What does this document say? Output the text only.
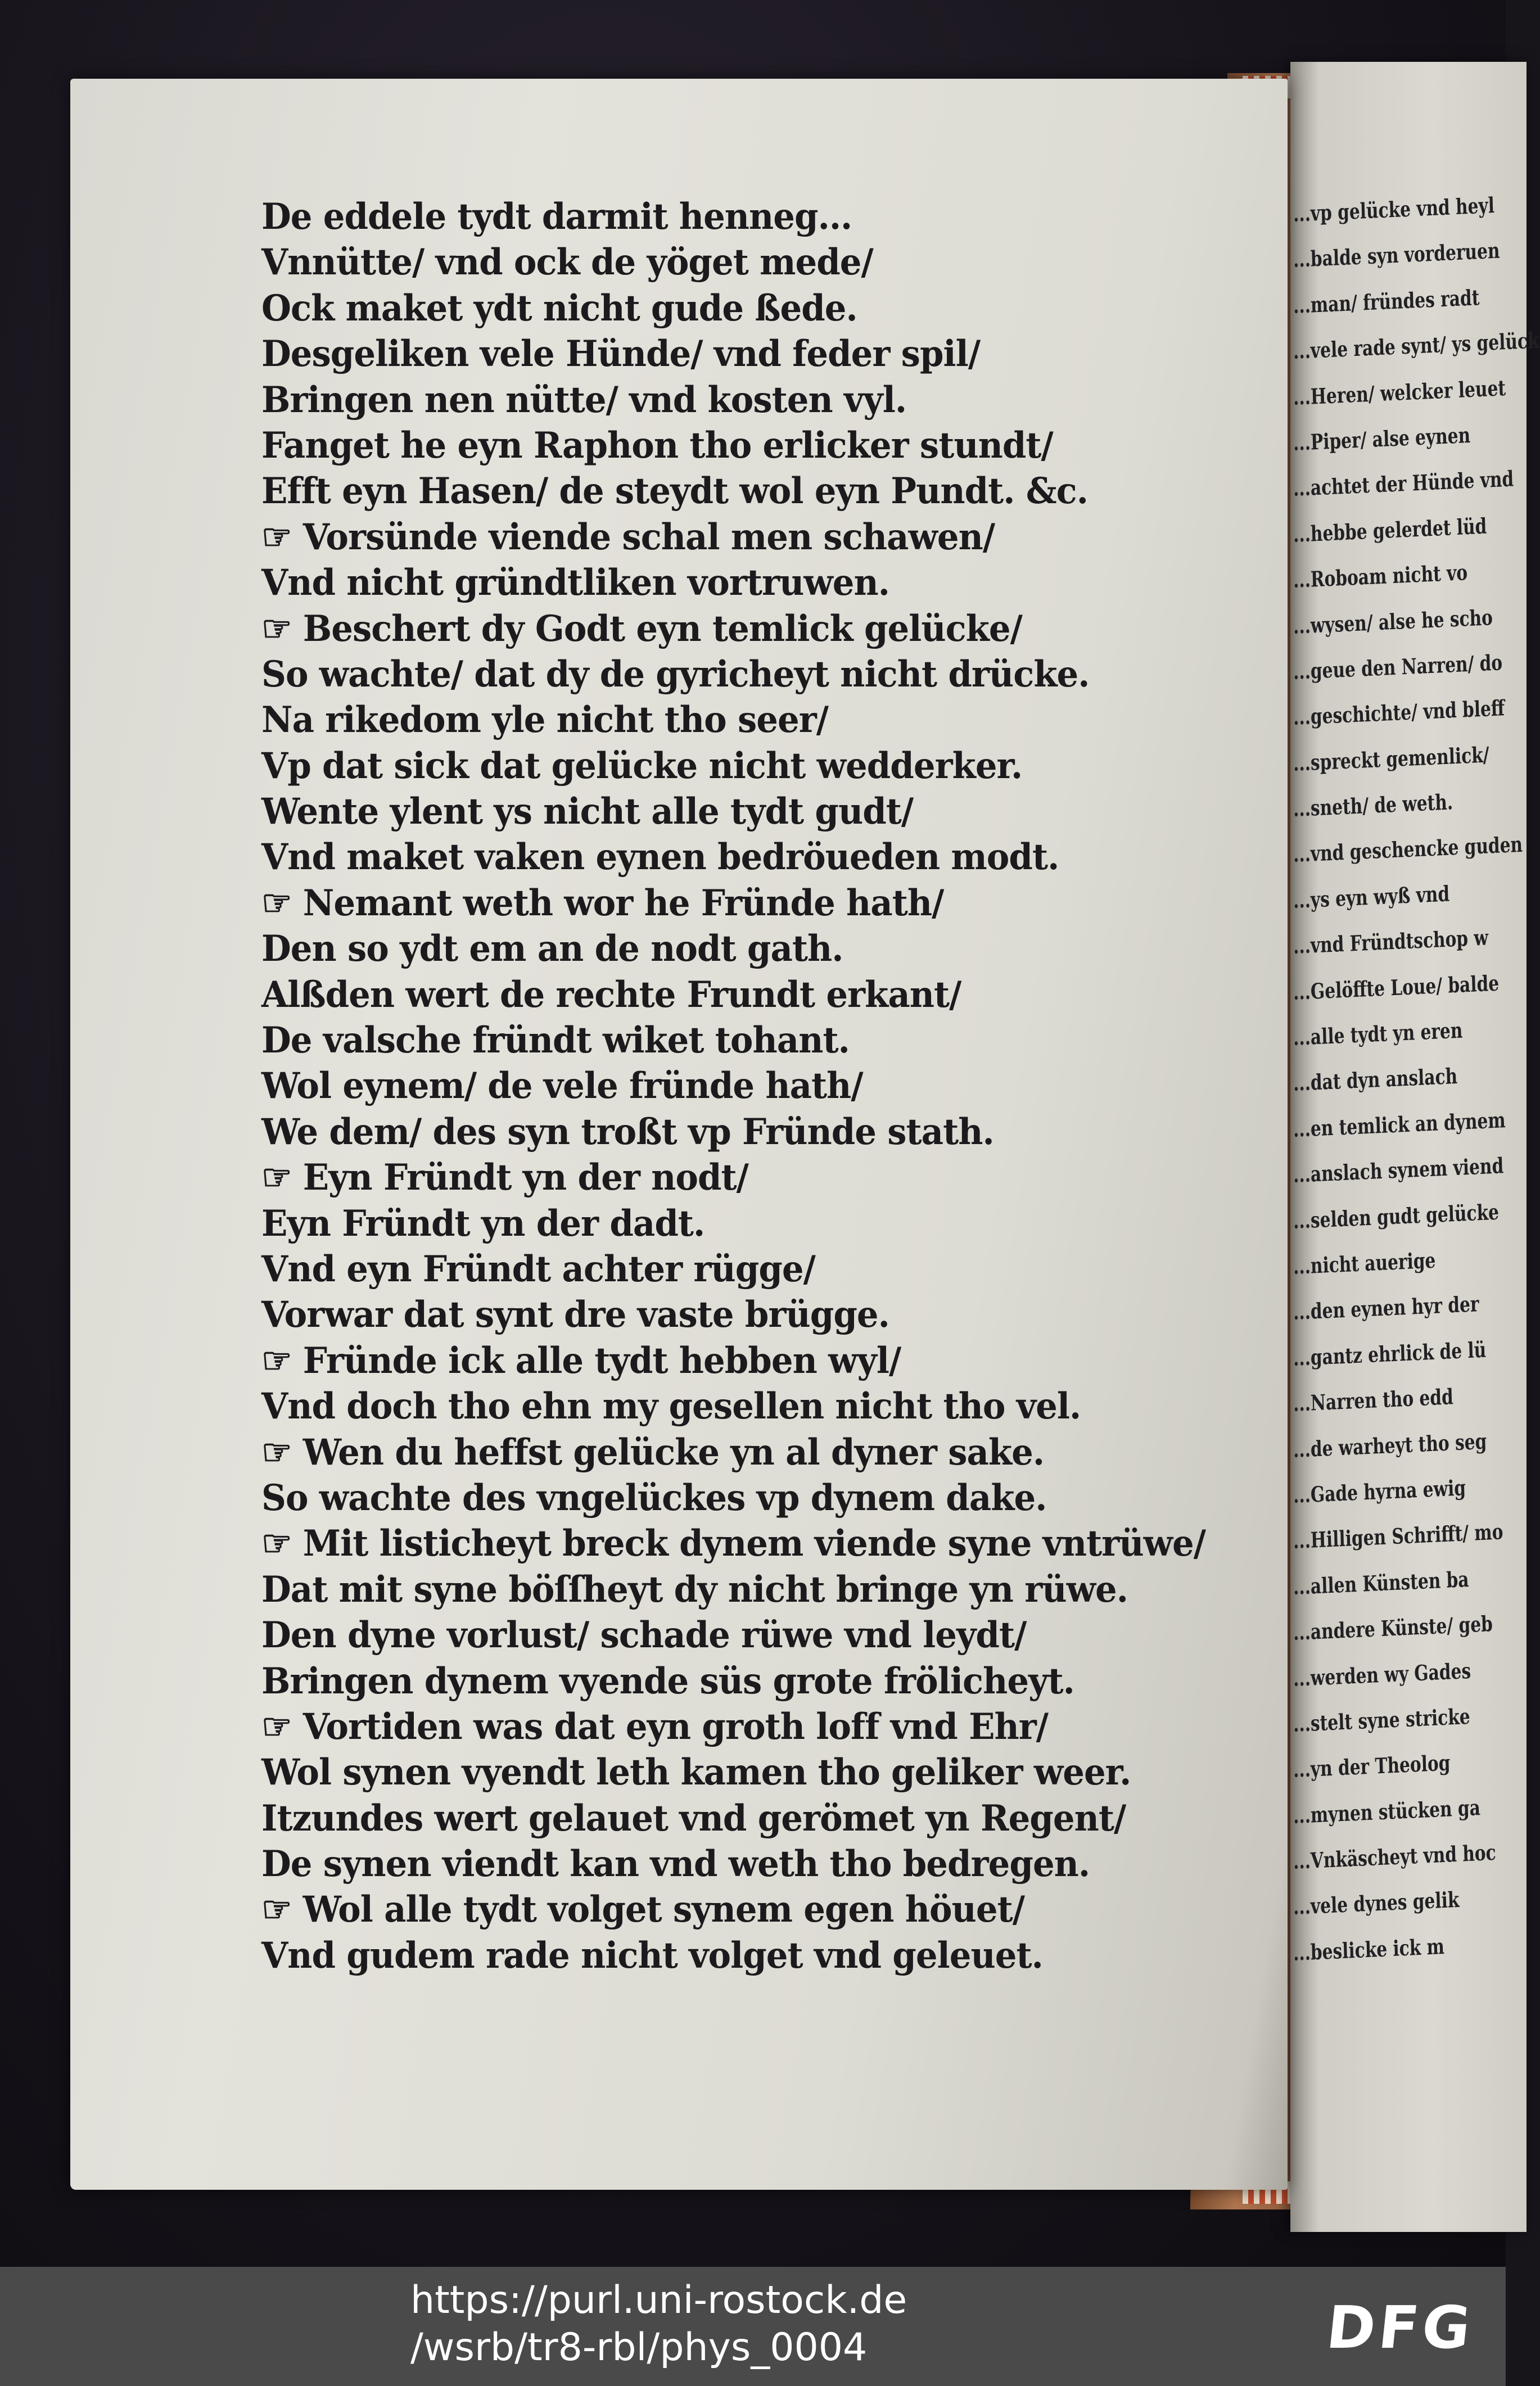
De eddele tydt darmit henneg...
Vnnütte/ vnd ock de yöget mede/
Ock maket ydt nicht gude ßede.
Desgeliken vele Hünde/ vnd feder spil/
Bringen nen nütte/ vnd kosten vyl.
Fanget he eyn Raphon tho erlicker stundt/
Efft eyn Hasen/ de steydt wol eyn Pundt. &c.
☞ Vorsünde viende schal men schawen/
Vnd nicht gründtliken vortruwen.
☞ Beschert dy Godt eyn temlick gelücke/
So wachte/ dat dy de gyricheyt nicht drücke.
Na rikedom yle nicht tho seer/
Vp dat sick dat gelücke nicht wedderker.
Wente ylent ys nicht alle tydt gudt/
Vnd maket vaken eynen bedröueden modt.
☞ Nemant weth wor he Fründe hath/
Den so ydt em an de nodt gath.
Alßden wert de rechte Frundt erkant/
De valsche fründt wiket tohant.
Wol eynem/ de vele fründe hath/
We dem/ des syn troßt vp Fründe stath.
☞ Eyn Fründt yn der nodt/
Eyn Fründt yn der dadt.
Vnd eyn Fründt achter rügge/
Vorwar dat synt dre vaste brügge.
☞ Fründe ick alle tydt hebben wyl/
Vnd doch tho ehn my gesellen nicht tho vel.
☞ Wen du heffst gelücke yn al dyner sake.
So wachte des vngelückes vp dynem dake.
☞ Mit listicheyt breck dynem viende syne vntrüwe/
Dat mit syne böſſheyt dy nicht bringe yn rüwe.
Den dyne vorlust/ schade rüwe vnd leydt/
Bringen dynem vyende süs grote frölicheyt.
☞ Vortiden was dat eyn groth loff vnd Ehr/
Wol synen vyendt leth kamen tho geliker weer.
Itzundes wert gelauet vnd gerömet yn Regent/
De synen viendt kan vnd weth tho bedregen.
☞ Wol alle tydt volget synem egen höuet/
Vnd gudem rade nicht volget vnd geleuet.
...vp gelücke vnd heyl
...balde syn vorderuen
...man/ fründes radt
...vele rade synt/ ys gelück
...Heren/ welcker leuet
...Piper/ alse eynen
...achtet der Hünde vnd
...hebbe gelerdet lüd
...Roboam nicht vo
...wysen/ alse he scho
...geue den Narren/ do
...geschichte/ vnd bleff
...spreckt gemenlick/
...sneth/ de weth.
...vnd geschencke guden
...ys eyn wyß vnd
...vnd Fründtschop w
...Gelöffte Loue/ balde
...alle tydt yn eren
...dat dyn anslach
...en temlick an dynem
...anslach synem viend
...selden gudt gelücke
...nicht auerige
...den eynen hyr der
...gantz ehrlick de lü
...Narren tho edd
...de warheyt tho seg
...Gade hyrna ewig
...Hilligen Schrifft/ mo
...allen Künsten ba
...andere Künste/ geb
...werden wy Gades
...stelt syne stricke
...yn der Theolog
...mynen stücken ga
...Vnkäscheyt vnd hoc
...vele dynes gelik
...beslicke ick m
https://purl.uni-rostock.de
/wsrb/tr8-rbl/phys_0004	DFG
